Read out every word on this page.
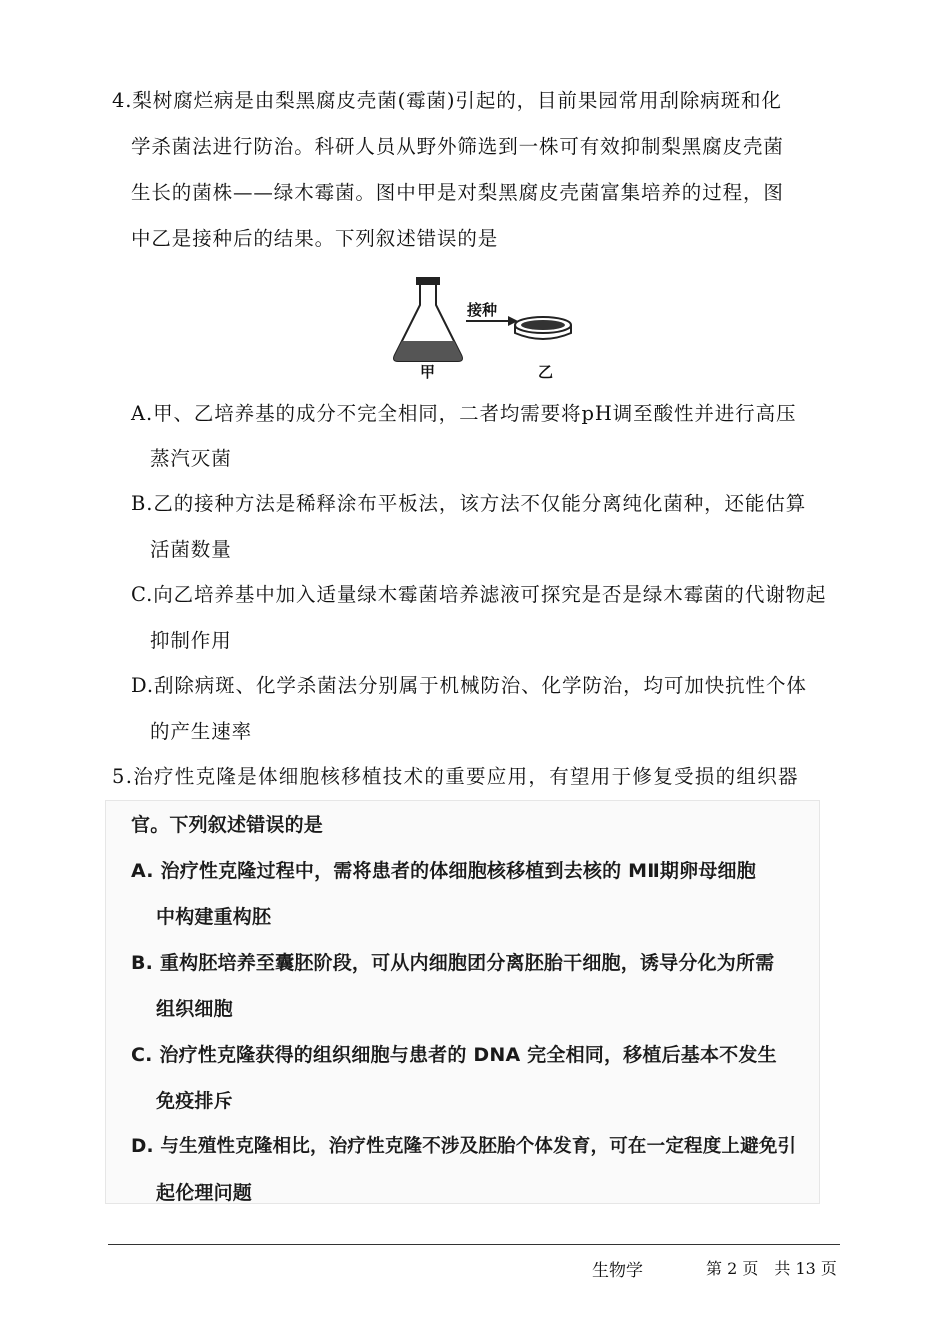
4.梨树腐烂病是由梨黑腐皮壳菌(霉菌)引起的，目前果园常用刮除病斑和化
学杀菌法进行防治。科研人员从野外筛选到一株可有效抑制梨黑腐皮壳菌
生长的菌株——绿木霉菌。图中甲是对梨黑腐皮壳菌富集培养的过程，图
中乙是接种后的结果。下列叙述错误的是
接种
甲	乙
A.甲、乙培养基的成分不完全相同，二者均需要将pH调至酸性并进行高压
蒸汽灭菌
B.乙的接种方法是稀释涂布平板法，该方法不仅能分离纯化菌种，还能估算
活菌数量
C.向乙培养基中加入适量绿木霉菌培养滤液可探究是否是绿木霉菌的代谢物起
抑制作用
D.刮除病斑、化学杀菌法分别属于机械防治、化学防治，均可加快抗性个体
的产生速率
5.治疗性克隆是体细胞核移植技术的重要应用，有望用于修复受损的组织器
官。下列叙述错误的是
A. 治疗性克隆过程中，需将患者的体细胞核移植到去核的 MⅡ期卵母细胞
中构建重构胚
B. 重构胚培养至囊胚阶段，可从内细胞团分离胚胎干细胞，诱导分化为所需
组织细胞
C. 治疗性克隆获得的组织细胞与患者的 DNA 完全相同，移植后基本不发生
免疫排斥
D. 与生殖性克隆相比，治疗性克隆不涉及胚胎个体发育，可在一定程度上避免引
起伦理问题
生物学	第 2 页　共 13 页
